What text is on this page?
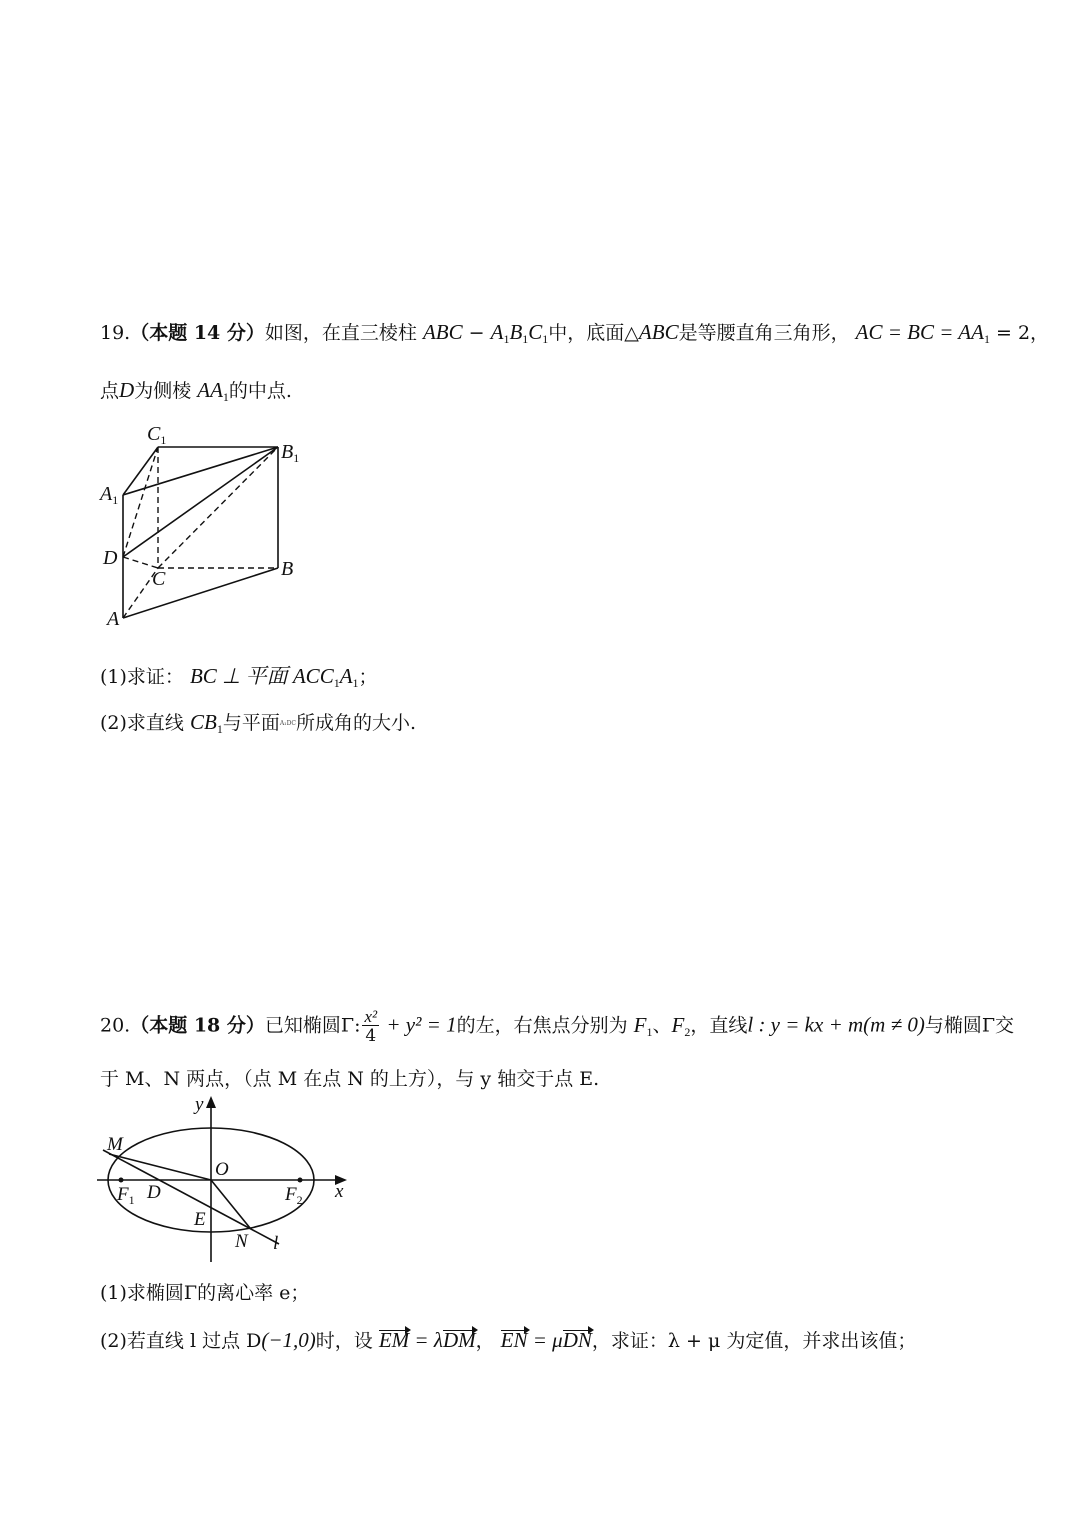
19.（本题 14 分）如图，在直三棱柱 ABC − $A_1B_1C_1$中，底面△ABC是等腰直角三角形， AC = BC = $AA_1 = 2$，
点D为侧棱 $AA_1$的中点.
$C_1$
$B_1$
$A_1$
D
C	B
A
(1)求证： BC ⊥ 平面 $ACC_1A_1$；
(2)求直线 $CB_1$与平面$^{A_1DC}$所成角的大小.
20.（本题 18 分）已知椭圆Γ: $\frac{\text{x²}}{4} + y^2 = 1$的左，右焦点分别为 $F_1$、$F_2$，直线l : y = kx + m(m ≠ 0)与椭圆Γ交
于 M、N 两点，（点 M 在点 N 的上方），与 y 轴交于点 E.
y
x
M
O
$F_1$ D	$F_2$
E
N l
(1)求椭圆Γ的离心率 e；
(2)若直线 l 过点 D(−1,0)时，设 EM = λDM， EN = μDN，求证：λ + μ 为定值，并求出该值；
